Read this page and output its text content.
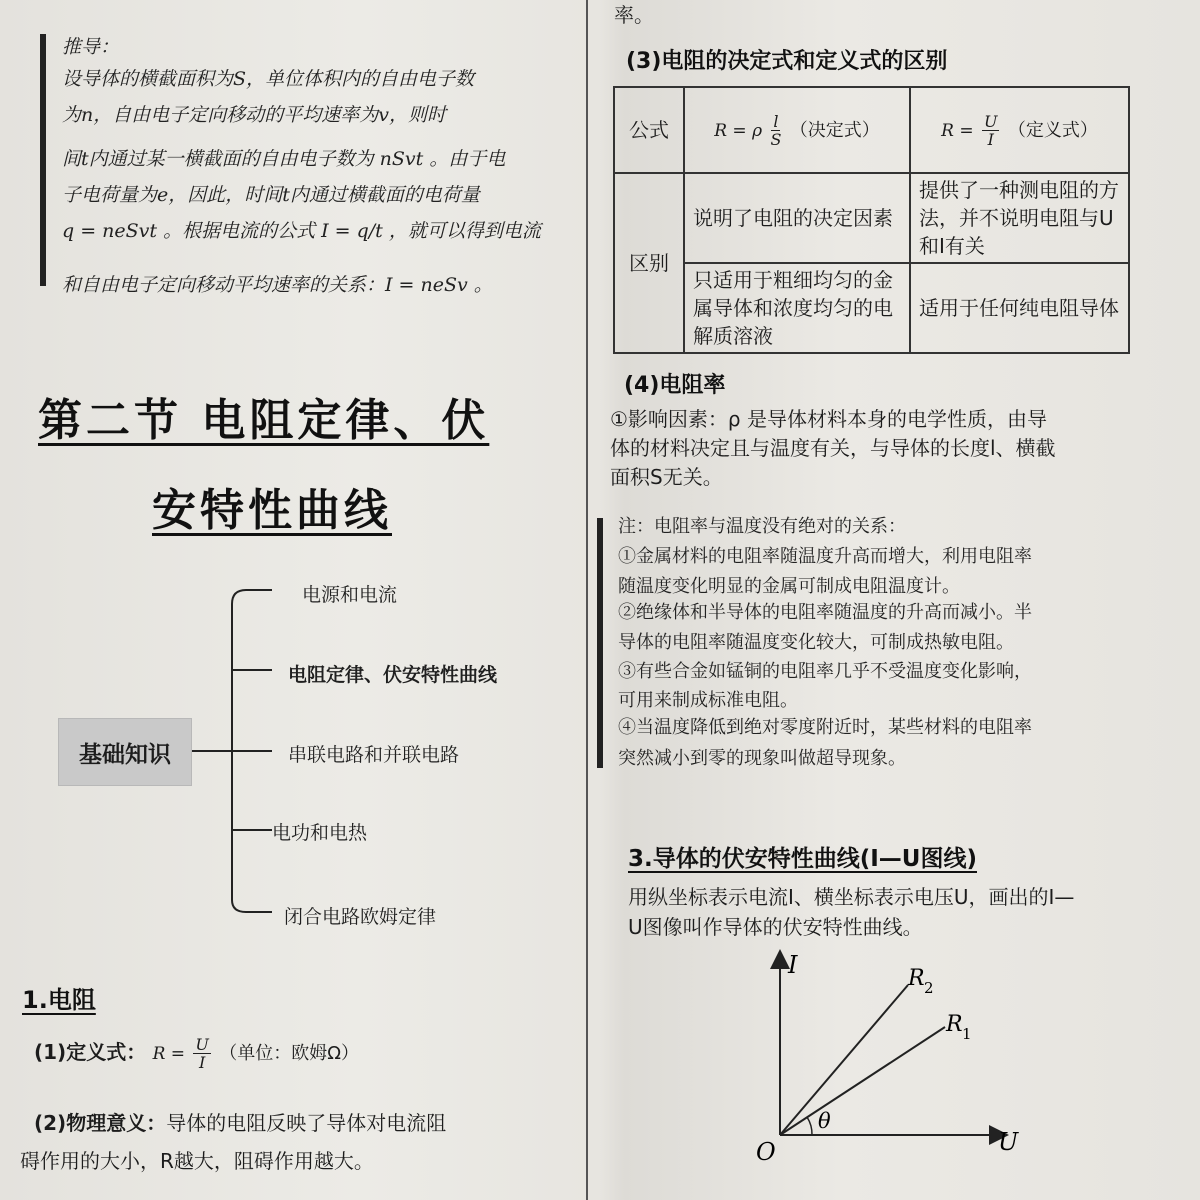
推导：
设导体的横截面积为S，单位体积内的自由电子数
为n，自由电子定向移动的平均速率为v，则时
间t内通过某一横截面的自由电子数为 nSvt 。由于电
子电荷量为e，因此，时间t内通过横截面的电荷量
q = neSvt 。根据电流的公式 I = q/t ，就可以得到电流
和自由电子定向移动平均速率的关系：I = neSv 。
第二节 电阻定律、伏
安特性曲线
基础知识
电源和电流
电阻定律、伏安特性曲线
串联电路和并联电路
电功和电热
闭合电路欧姆定律
1.电阻
(1)定义式： $R = \frac{U}{I}$ （单位：欧姆Ω）
(2)物理意义：导体的电阻反映了导体对电流阻
碍作用的大小，R越大，阻碍作用越大。
率。
(3)电阻的决定式和定义式的区别
公式	R = ρ $\frac{l}{S}$ （决定式）	$R = \frac{U}{I}$ （定义式）
区别	说明了电阻的决定因素	提供了一种测电阻的方法，并不说明电阻与U和I有关
	只适用于粗细均匀的金属导体和浓度均匀的电解质溶液	适用于任何纯电阻导体
(4)电阻率
①影响因素：ρ 是导体材料本身的电学性质，由导
体的材料决定且与温度有关，与导体的长度l、横截
面积S无关。
注：电阻率与温度没有绝对的关系：
①金属材料的电阻率随温度升高而增大，利用电阻率
随温度变化明显的金属可制成电阻温度计。
②绝缘体和半导体的电阻率随温度的升高而减小。半
导体的电阻率随温度变化较大，可制成热敏电阻。
③有些合金如锰铜的电阻率几乎不受温度变化影响，
可用来制成标准电阻。
④当温度降低到绝对零度附近时，某些材料的电阻率
突然减小到零的现象叫做超导现象。
3.导体的伏安特性曲线(I—U图线)
用纵坐标表示电流I、横坐标表示电压U，画出的I—
U图像叫作导体的伏安特性曲线。
I
U
O
θ
R 2
R 1
